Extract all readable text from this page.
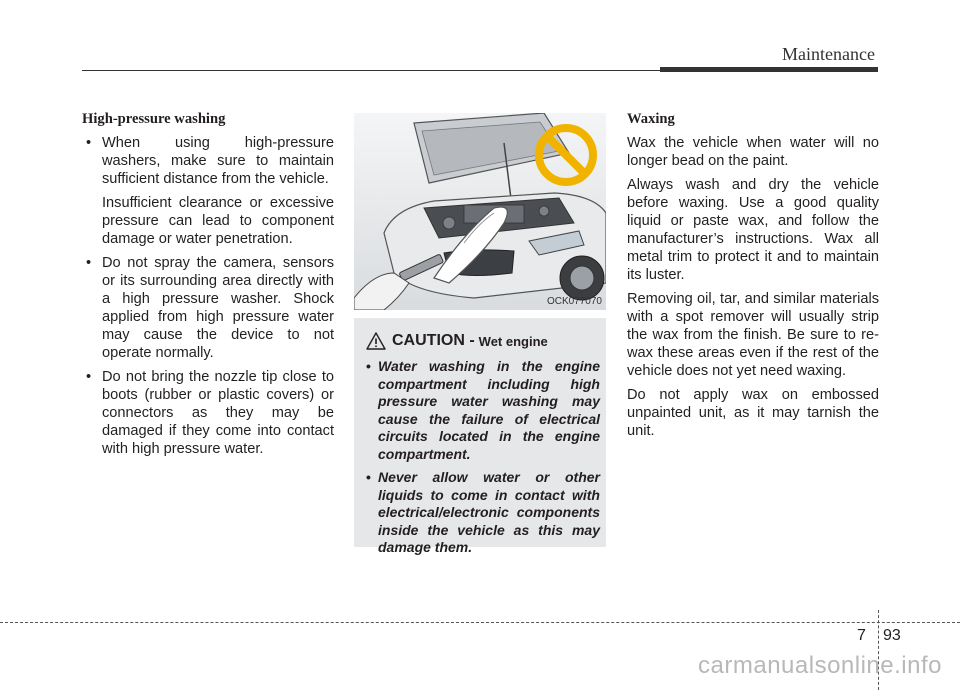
Maintenance

High-pressure washing

• When using high-pressure washers, make sure to maintain sufficient distance from the vehicle.

Insufficient clearance or excessive pressure can lead to component damage or water penetration.

• Do not spray the camera, sensors or its surrounding area directly with a high pressure washer. Shock applied from high pressure water may cause the device to not operate normally.

• Do not bring the nozzle tip close to boots (rubber or plastic covers) or connectors as they may be damaged if they come into contact with high pressure water.

OCK077070
CAUTION - Wet engine

• Water washing in the engine compartment including high pressure water washing may cause the failure of electrical circuits located in the engine compartment.

• Never allow water or other liquids to come in contact with electrical/electronic components inside the vehicle as this may damage them.

Waxing

Wax the vehicle when water will no longer bead on the paint.

Always wash and dry the vehicle before waxing. Use a good quality liquid or paste wax, and follow the manufacturer’s instructions. Wax all metal trim to protect it and to maintain its luster.

Removing oil, tar, and similar materials with a spot remover will usually strip the wax from the finish. Be sure to re-wax these areas even if the rest of the vehicle does not yet need waxing.

Do not apply wax on embossed unpainted unit, as it may tarnish the unit.

7 93
carmanualsonline.info
